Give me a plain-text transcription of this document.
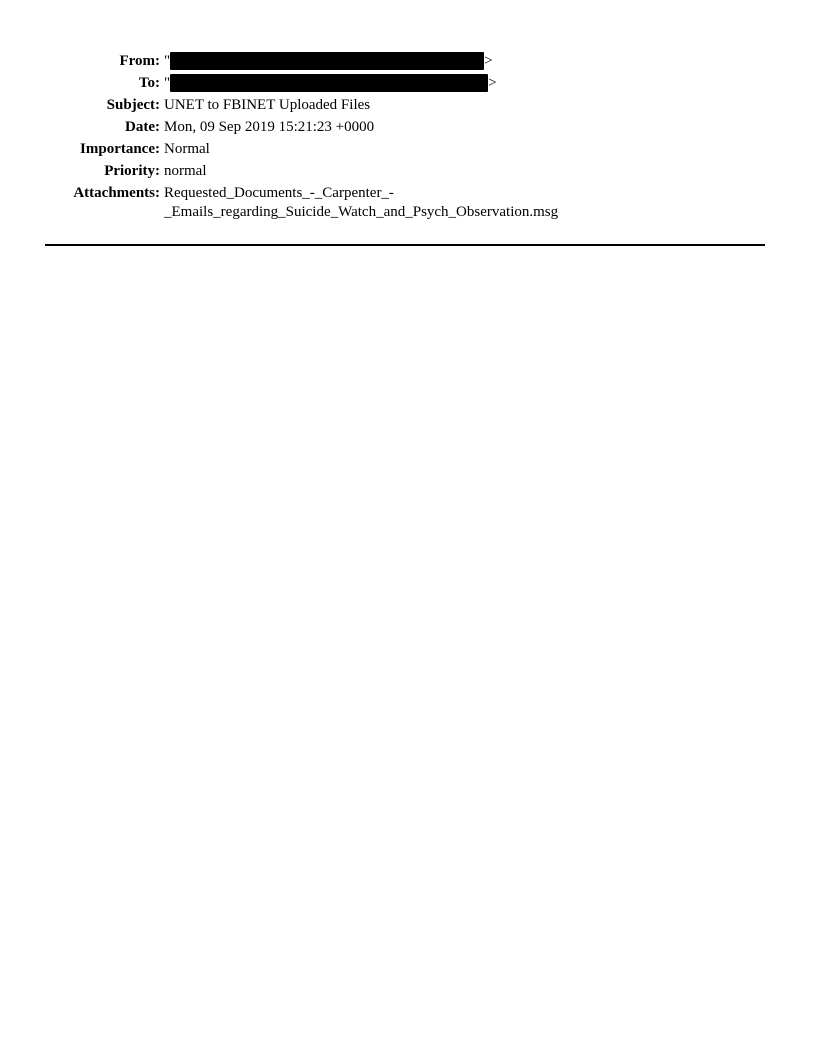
From: "	>
To: "	>
Subject: UNET to FBINET Uploaded Files
Date: Mon, 09 Sep 2019 15:21:23 +0000
Importance: Normal
Priority: normal
Attachments: Requested_Documents_-_Carpenter_-
_Emails_regarding_Suicide_Watch_and_Psych_Observation.msg
